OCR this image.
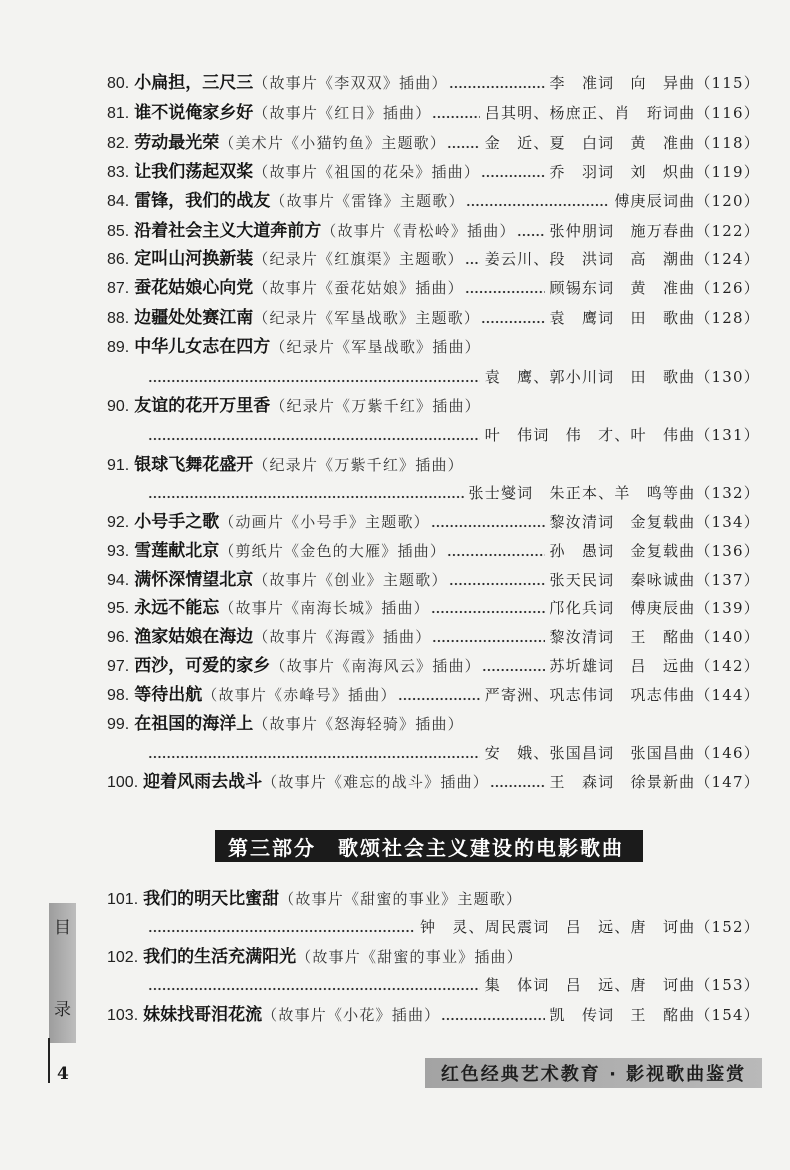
80. 小扁担，三尺三 （故事片《李双双》插曲）	李　准词　向　异曲 （115）
81. 谁不说俺家乡好 （故事片《红日》插曲）	吕其明、杨庶正、肖　珩词曲 （116）
82. 劳动最光荣 （美术片《小猫钓鱼》主题歌）	金　近、夏　白词　黄　准曲 （118）
83. 让我们荡起双桨 （故事片《祖国的花朵》插曲）	乔　羽词　刘　炽曲 （119）
84. 雷锋，我们的战友 （故事片《雷锋》主题歌）	傅庚辰词曲 （120）
85. 沿着社会主义大道奔前方 （故事片《青松岭》插曲） 张仲朋词　施万春曲 （122）
86. 定叫山河换新装 （纪录片《红旗渠》主题歌） 姜云川、段　洪词　高　潮曲 （124）
87. 蚕花姑娘心向党 （故事片《蚕花姑娘》插曲）	顾锡东词　黄　准曲 （126）
88. 边疆处处赛江南 （纪录片《军垦战歌》主题歌）	袁　鹰词　田　歌曲 （128）
89. 中华儿女志在四方 （纪录片《军垦战歌》插曲）
袁　鹰、郭小川词　田　歌曲 （130）
90. 友谊的花开万里香 （纪录片《万紫千红》插曲）
叶　伟词　伟　才、叶　伟曲 （131）
91. 银球飞舞花盛开 （纪录片《万紫千红》插曲）
张士燮词　朱正本、羊　鸣等曲 （132）
92. 小号手之歌 （动画片《小号手》主题歌）	黎汝清词　金复载曲 （134）
93. 雪莲献北京 （剪纸片《金色的大雁》插曲）	孙　愚词　金复载曲 （136）
94. 满怀深情望北京 （故事片《创业》主题歌）	张天民词　秦咏诚曲 （137）
95. 永远不能忘 （故事片《南海长城》插曲）	邝化兵词　傅庚辰曲 （139）
96. 渔家姑娘在海边 （故事片《海霞》插曲）	黎汝清词　王　酩曲 （140）
97. 西沙，可爱的家乡 （故事片《南海风云》插曲）	苏圻雄词　吕　远曲 （142）
98. 等待出航 （故事片《赤峰号》插曲）	严寄洲、巩志伟词　巩志伟曲 （144）
99. 在祖国的海洋上 （故事片《怒海轻骑》插曲）
安　娥、张国昌词　张国昌曲 （146）
100. 迎着风雨去战斗 （故事片《难忘的战斗》插曲）	王　森词　徐景新曲 （147）
第三部分 歌颂社会主义建设的电影歌曲
101. 我们的明天比蜜甜 （故事片《甜蜜的事业》主题歌）
钟　灵、周民震词　吕　远、唐　诃曲 （152）
102. 我们的生活充满阳光 （故事片《甜蜜的事业》插曲）
集　体词　吕　远、唐　诃曲 （153）
103. 妹妹找哥泪花流 （故事片《小花》插曲）	凯　传词　王　酩曲 （154）
目
录
4	红色经典艺术教育 · 影视歌曲鉴赏
